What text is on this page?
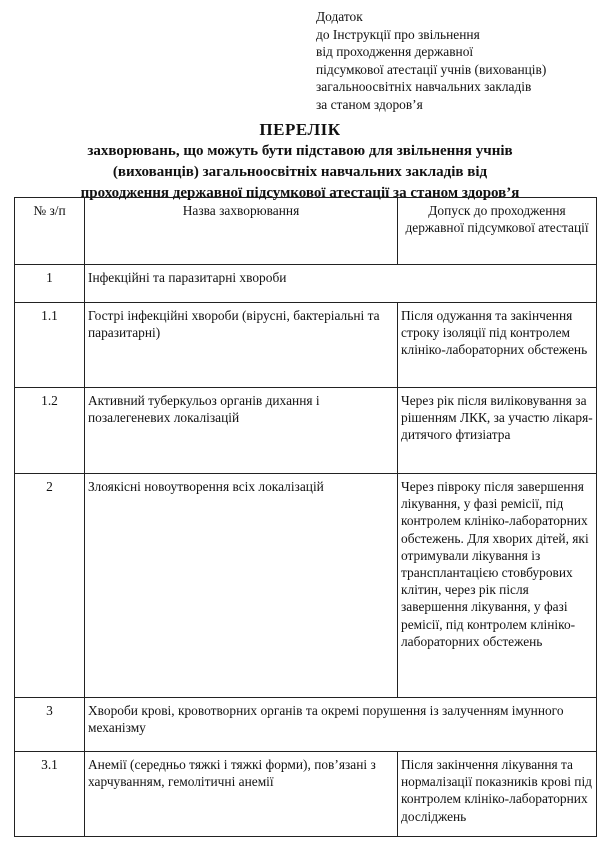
Додаток
до Інструкції про звільнення
від проходження державної
підсумкової атестації учнів (вихованців)
загальноосвітніх навчальних закладів
за станом здоров’я
ПЕРЕЛІК
захворювань, що можуть бути підставою для звільнення учнів
(вихованців) загальноосвітніх навчальних закладів від
проходження державної підсумкової атестації за станом здоров’я
№ з/п	Назва захворювання	Допуск до проходження державної підсумкової атестації
1	Інфекційні та паразитарні хвороби	
1.1	Гострі інфекційні хвороби (вірусні, бактеріальні та паразитарні)	Після одужання та закінчення строку ізоляції під контролем клініко-лабораторних обстежень
1.2	Активний туберкульоз органів дихання і позалегеневих локалізацій	Через рік після виліковування за рішенням ЛКК, за участю лікаря-дитячого фтизіатра
2	Злоякісні новоутворення всіх локалізацій	Через півроку після завершення лікування, у фазі ремісії, під контролем клініко-лабораторних обстежень. Для хворих дітей, які отримували лікування із трансплантацією стовбурових клітин, через рік після завершення лікування, у фазі ремісії, під контролем клініко-лабораторних обстежень
3	Хвороби крові, кровотворних органів та окремі порушення із залученням імунного механізму	
3.1	Анемії (середньо тяжкі і тяжкі форми), пов’язані з харчуванням, гемолітичні анемії	Після закінчення лікування та нормалізації показників крові під контролем клініко-лабораторних досліджень
